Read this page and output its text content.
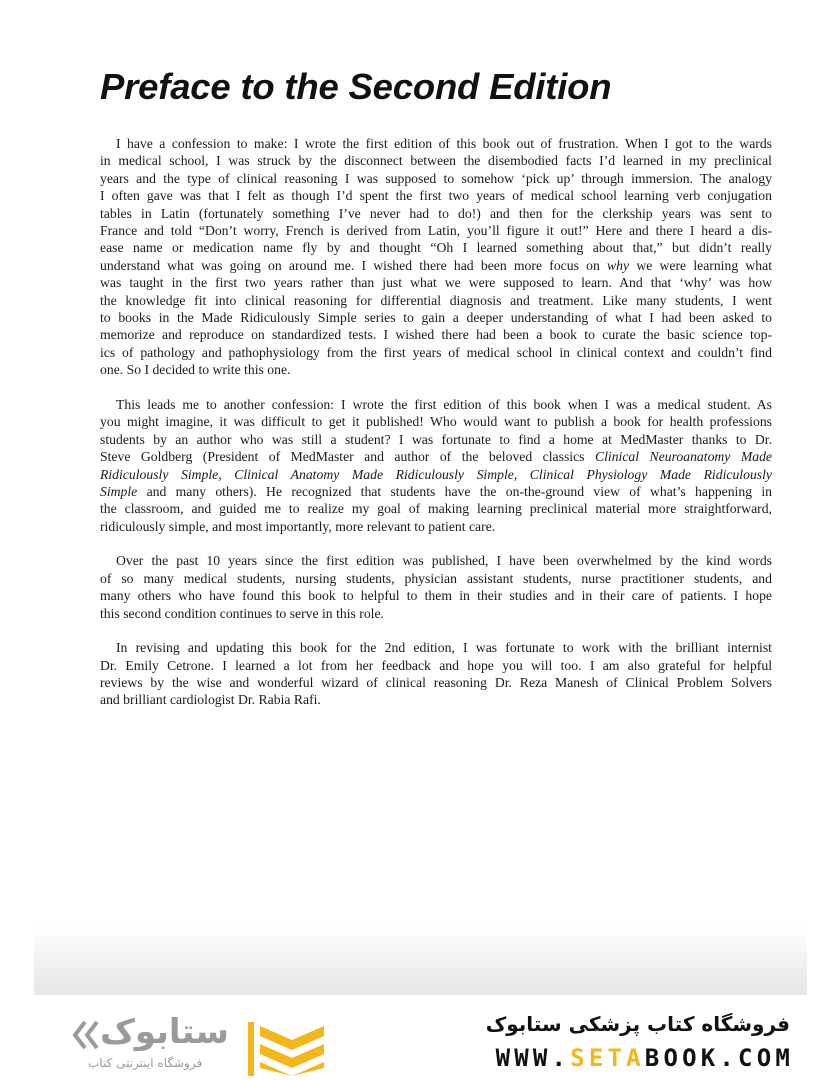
Preface to the Second Edition

I have a confession to make: I wrote the first edition of this book out of frustration. When I got to the wards
in medical school, I was struck by the disconnect between the disembodied facts I’d learned in my preclinical
years and the type of clinical reasoning I was supposed to somehow ‘pick up’ through immersion. The analogy
I often gave was that I felt as though I’d spent the first two years of medical school learning verb conjugation
tables in Latin (fortunately something I’ve never had to do!) and then for the clerkship years was sent to
France and told “Don’t worry, French is derived from Latin, you’ll figure it out!” Here and there I heard a dis-
ease name or medication name fly by and thought “Oh I learned something about that,” but didn’t really
understand what was going on around me. I wished there had been more focus on why we were learning what
was taught in the first two years rather than just what we were supposed to learn. And that ‘why’ was how
the knowledge fit into clinical reasoning for differential diagnosis and treatment. Like many students, I went
to books in the Made Ridiculously Simple series to gain a deeper understanding of what I had been asked to
memorize and reproduce on standardized tests. I wished there had been a book to curate the basic science top-
ics of pathology and pathophysiology from the first years of medical school in clinical context and couldn’t find
one. So I decided to write this one.

This leads me to another confession: I wrote the first edition of this book when I was a medical student. As
you might imagine, it was difficult to get it published! Who would want to publish a book for health professions
students by an author who was still a student? I was fortunate to find a home at MedMaster thanks to Dr.
Steve Goldberg (President of MedMaster and author of the beloved classics Clinical Neuroanatomy Made
Ridiculously Simple, Clinical Anatomy Made Ridiculously Simple, Clinical Physiology Made Ridiculously
Simple and many others). He recognized that students have the on-the-ground view of what’s happening in
the classroom, and guided me to realize my goal of making learning preclinical material more straightforward,
ridiculously simple, and most importantly, more relevant to patient care.

Over the past 10 years since the first edition was published, I have been overwhelmed by the kind words
of so many medical students, nursing students, physician assistant students, nurse practitioner students, and
many others who have found this book to helpful to them in their studies and in their care of patients. I hope
this second condition continues to serve in this role.

In revising and updating this book for the 2nd edition, I was fortunate to work with the brilliant internist
Dr. Emily Cetrone. I learned a lot from her feedback and hope you will too. I am also grateful for helpful
reviews by the wise and wonderful wizard of clinical reasoning Dr. Reza Manesh of Clinical Problem Solvers
and brilliant cardiologist Dr. Rabia Rafi.

ستابوک
فروشگاه اینترنتی کتاب
فروشگاه کتاب پزشکی ستابوک
WWW.SETABOOK.COM
